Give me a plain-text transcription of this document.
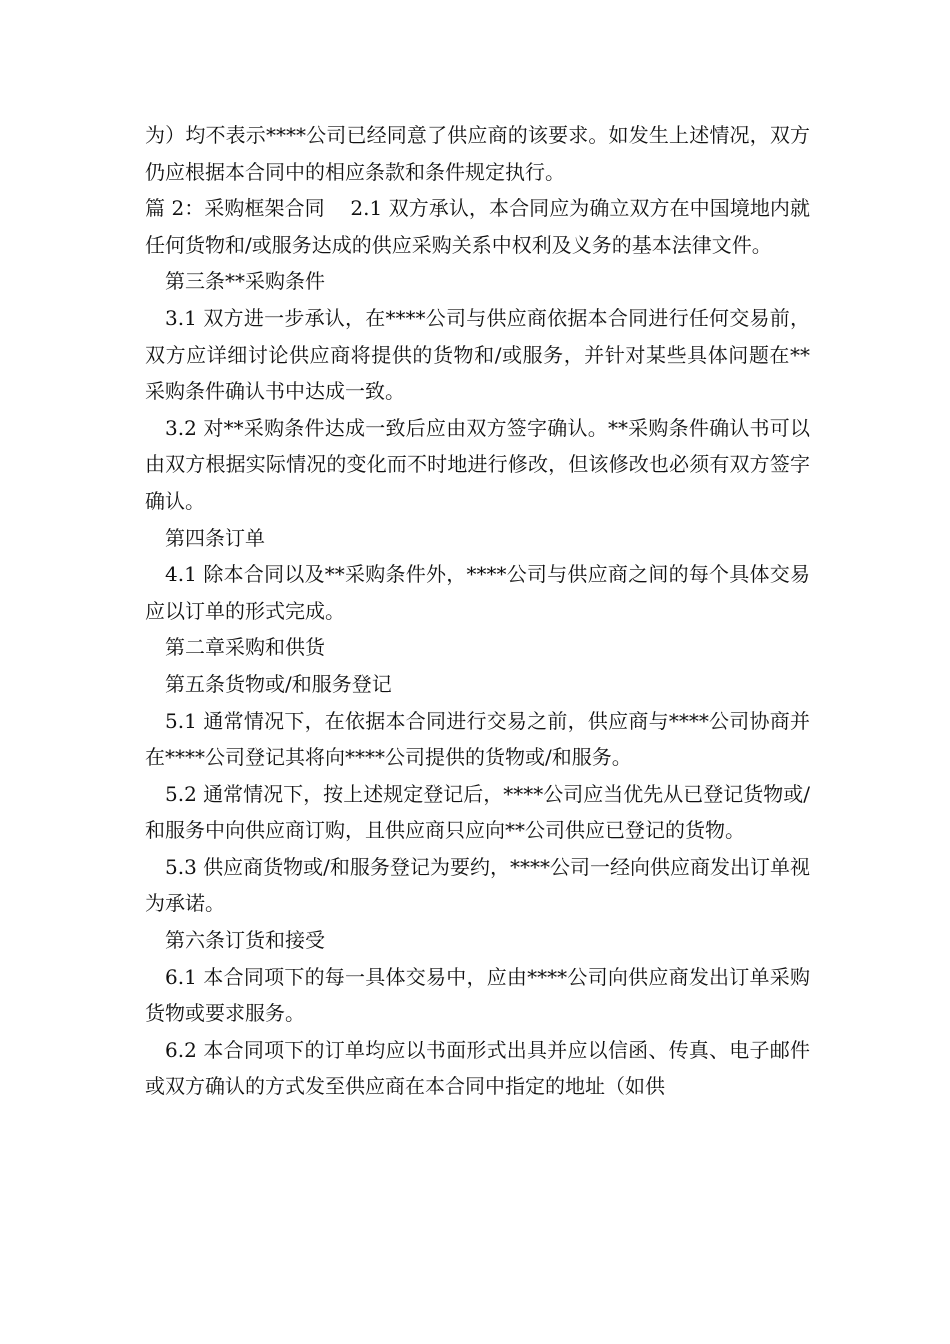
为）均不表示****公司已经同意了供应商的该要求。如发生上述情况，双方仍应根据本合同中的相应条款和条件规定执行。

篇 2：采购框架合同    2.1 双方承认，本合同应为确立双方在中国境地内就任何货物和/或服务达成的供应采购关系中权利及义务的基本法律文件。

第三条**采购条件

3.1 双方进一步承认，在****公司与供应商依据本合同进行任何交易前，双方应详细讨论供应商将提供的货物和/或服务，并针对某些具体问题在**采购条件确认书中达成一致。

3.2 对**采购条件达成一致后应由双方签字确认。**采购条件确认书可以由双方根据实际情况的变化而不时地进行修改，但该修改也必须有双方签字确认。

第四条订单

4.1 除本合同以及**采购条件外，****公司与供应商之间的每个具体交易应以订单的形式完成。

第二章采购和供货

第五条货物或/和服务登记

5.1 通常情况下，在依据本合同进行交易之前，供应商与****公司协商并在****公司登记其将向****公司提供的货物或/和服务。

5.2 通常情况下，按上述规定登记后，****公司应当优先从已登记货物或/和服务中向供应商订购，且供应商只应向**公司供应已登记的货物。

5.3 供应商货物或/和服务登记为要约，****公司一经向供应商发出订单视为承诺。

第六条订货和接受

6.1 本合同项下的每一具体交易中，应由****公司向供应商发出订单采购货物或要求服务。

6.2 本合同项下的订单均应以书面形式出具并应以信函、传真、电子邮件或双方确认的方式发至供应商在本合同中指定的地址（如供
